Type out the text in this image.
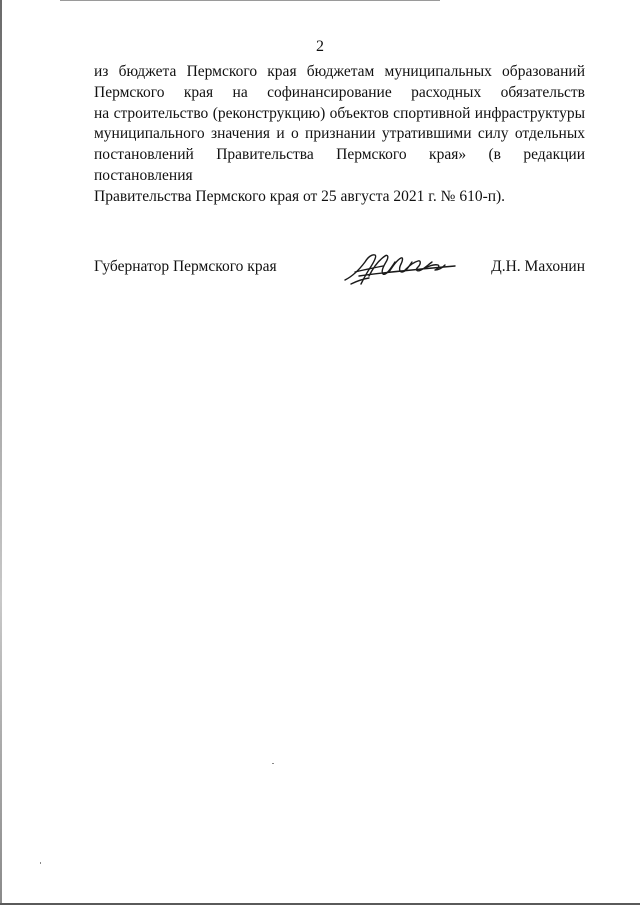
2
из бюджета Пермского края бюджетам муниципальных образований
Пермского края на софинансирование расходных обязательств
на строительство (реконструкцию) объектов спортивной инфраструктуры
муниципального значения и о признании утратившими силу отдельных
постановлений Правительства Пермского края» (в редакции постановления
Правительства Пермского края от 25 августа 2021 г. № 610-п).
Губернатор Пермского края	Д.Н. Махонин
